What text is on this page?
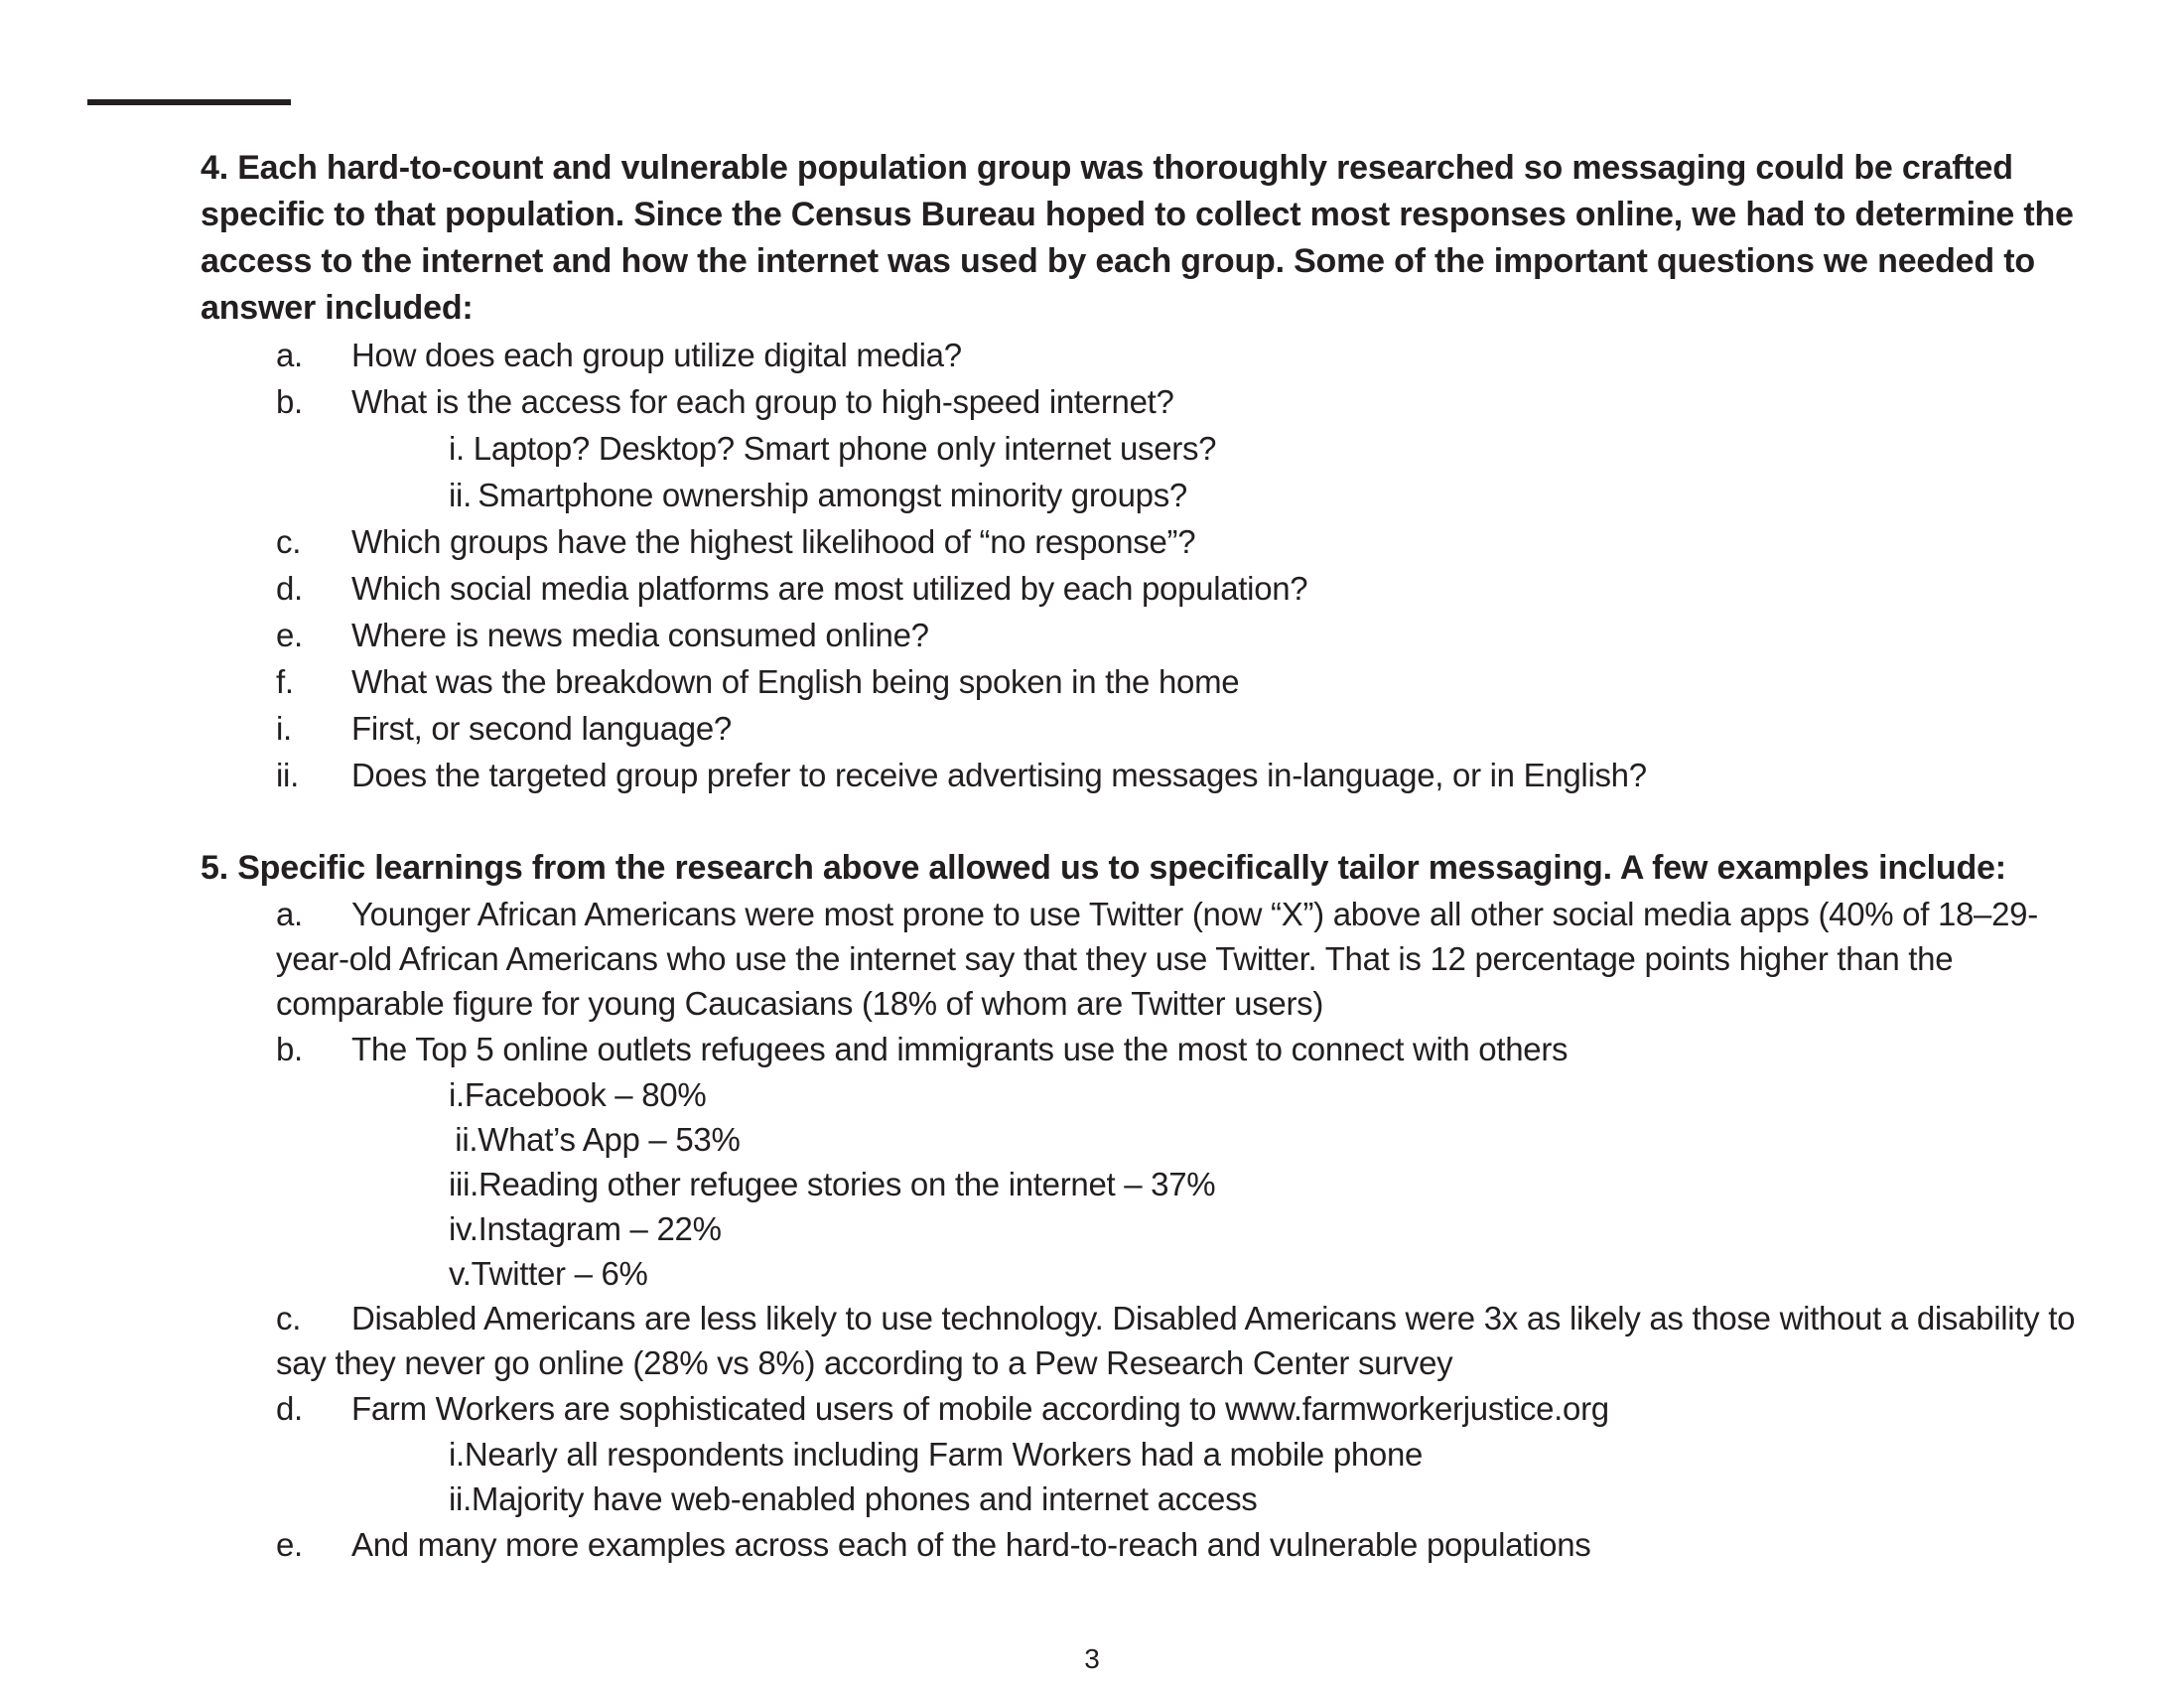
4. Each hard-to-count and vulnerable population group was thoroughly researched so messaging could be crafted specific to that population. Since the Census Bureau hoped to collect most responses online, we had to determine the access to the internet and how the internet was used by each group. Some of the important questions we needed to answer included:

a.	How does each group utilize digital media?

b.	What is the access for each group to high-speed internet?

i. Laptop? Desktop? Smart phone only internet users?

ii. Smartphone ownership amongst minority groups?

c.	Which groups have the highest likelihood of “no response”?

d.	Which social media platforms are most utilized by each population?

e.	Where is news media consumed online?

f.	What was the breakdown of English being spoken in the home

i.	First, or second language?

ii.	Does the targeted group prefer to receive advertising messages in-language, or in English?

5. Specific learnings from the research above allowed us to specifically tailor messaging. A few examples include:

a. Younger African Americans were most prone to use Twitter (now “X”) above all other social media apps (40% of 18–29-year-old African Americans who use the internet say that they use Twitter. That is 12 percentage points higher than the comparable figure for young Caucasians (18% of whom are Twitter users)

b.	The Top 5 online outlets refugees and immigrants use the most to connect with others

i.Facebook – 80%

 ii.What’s App – 53%

iii.Reading other refugee stories on the internet – 37%

iv.Instagram – 22%

v.Twitter – 6%

c. Disabled Americans are less likely to use technology. Disabled Americans were 3x as likely as those without a disability to say they never go online (28% vs 8%) according to a Pew Research Center survey

d.	Farm Workers are sophisticated users of mobile according to www.farmworkerjustice.org

i.Nearly all respondents including Farm Workers had a mobile phone

ii.Majority have web-enabled phones and internet access

e.	And many more examples across each of the hard-to-reach and vulnerable populations

3
